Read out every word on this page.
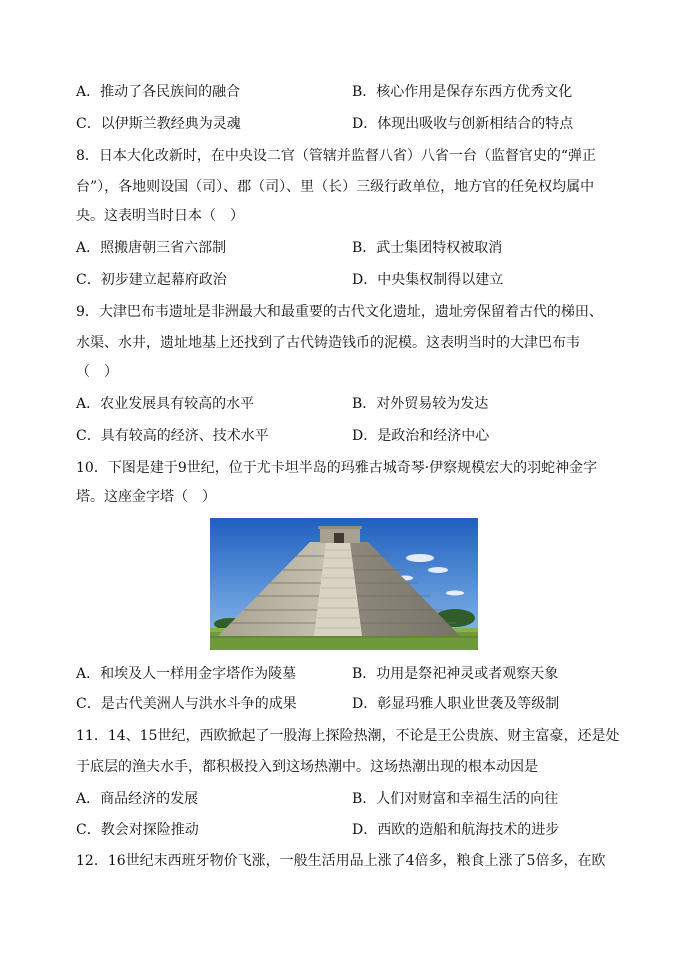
A．推动了各民族间的融合	B．核心作用是保存东西方优秀文化
C．以伊斯兰教经典为灵魂	D．体现出吸收与创新相结合的特点
8．日本大化改新时，在中央设二官（管辖并监督八省）八省一台（监督官史的“弹正
台”），各地则设国（司）、郡（司）、里（长）三级行政单位，地方官的任免权均属中
央。这表明当时日本（　）
A．照搬唐朝三省六部制	B．武士集团特权被取消
C．初步建立起幕府政治	D．中央集权制得以建立
9．大津巴布韦遗址是非洲最大和最重要的古代文化遗址，遗址旁保留着古代的梯田、
水渠、水井，遗址地基上还找到了古代铸造钱币的泥模。这表明当时的大津巴布韦
（　）
A．农业发展具有较高的水平	B．对外贸易较为发达
C．具有较高的经济、技术水平	D．是政治和经济中心
10．下图是建于9世纪，位于尤卡坦半岛的玛雅古城奇琴·伊察规模宏大的羽蛇神金字
塔。这座金字塔（　）
A．和埃及人一样用金字塔作为陵墓	B．功用是祭祀神灵或者观察天象
C．是古代美洲人与洪水斗争的成果	D．彰显玛雅人职业世袭及等级制
11．14、15世纪，西欧掀起了一股海上探险热潮，不论是王公贵族、财主富豪，还是处
于底层的渔夫水手，都积极投入到这场热潮中。这场热潮出现的根本动因是
A．商品经济的发展	B．人们对财富和幸福生活的向往
C．教会对探险推动	D．西欧的造船和航海技术的进步
12．16世纪末西班牙物价飞涨，一般生活用品上涨了4倍多，粮食上涨了5倍多，在欧
